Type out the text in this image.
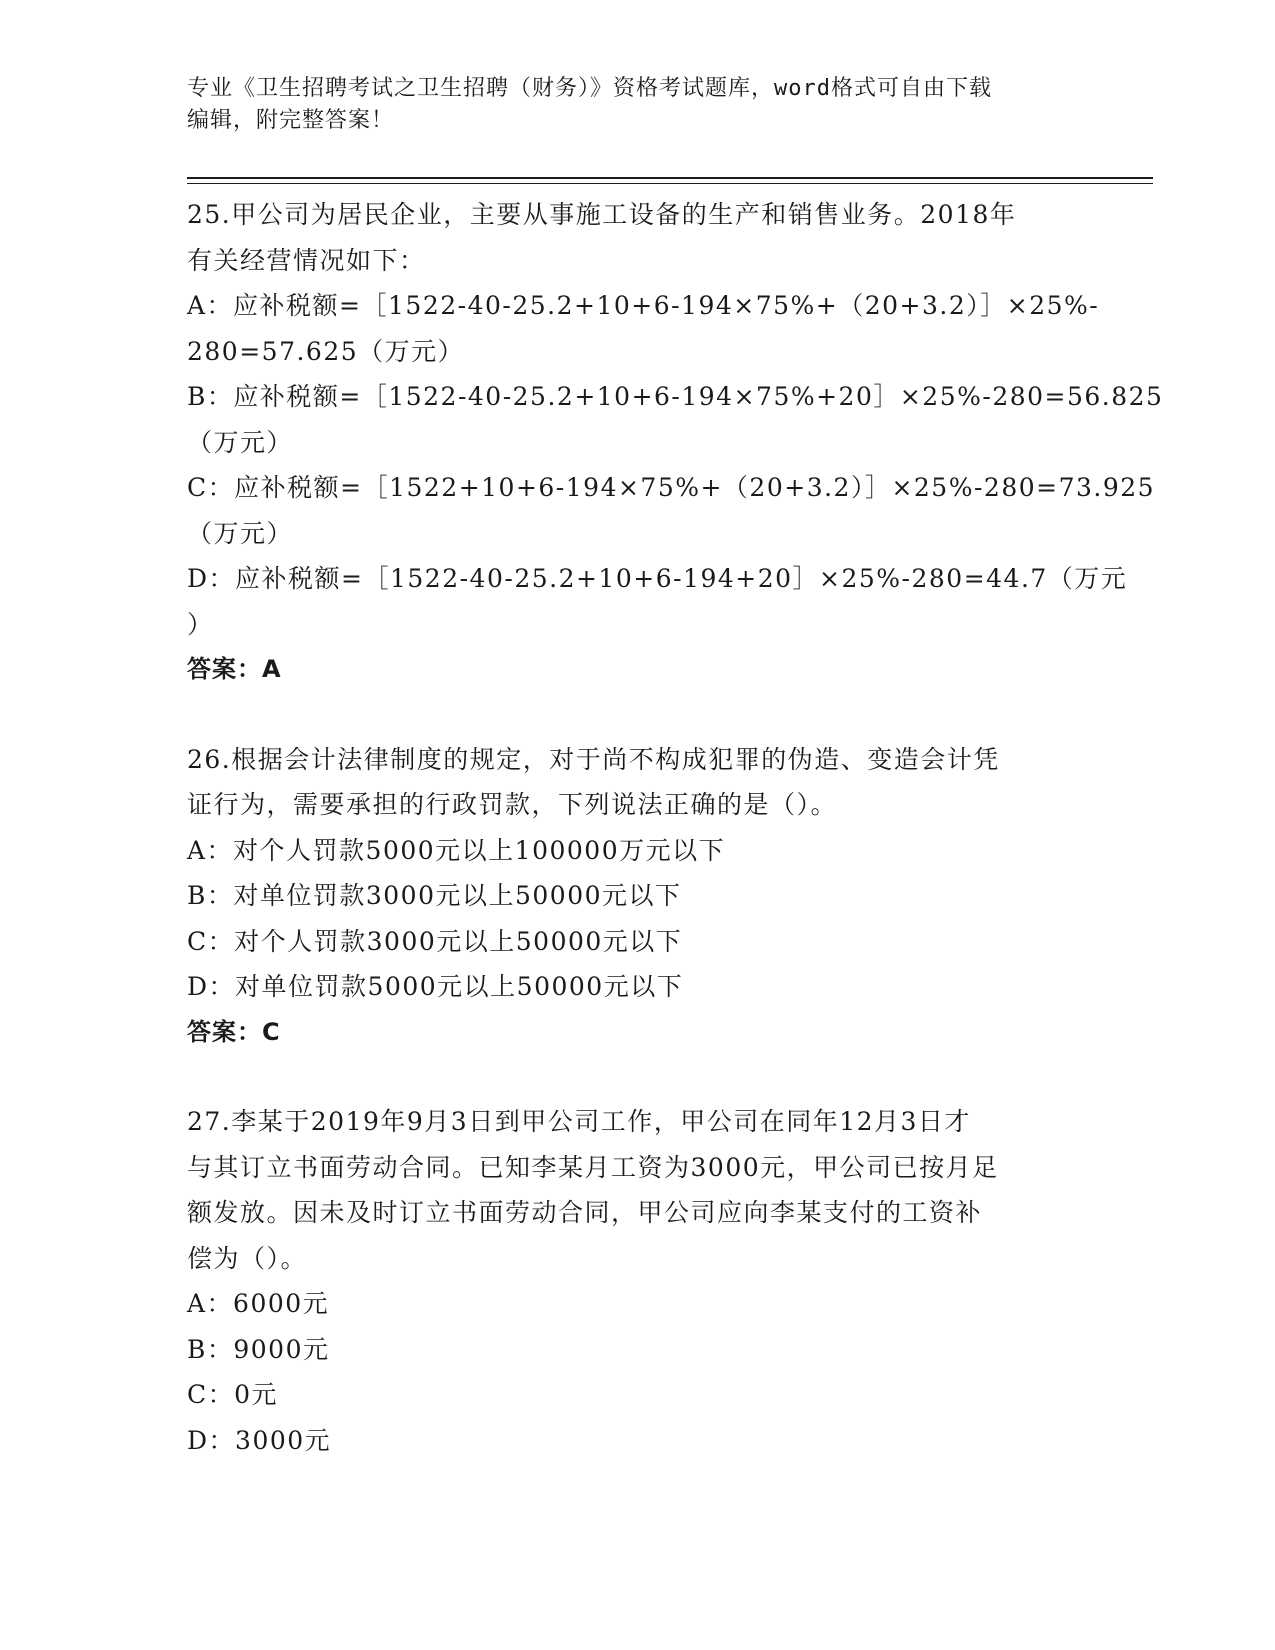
专业《卫生招聘考试之卫生招聘（财务）》资格考试题库，word格式可自由下载
编辑，附完整答案！
25.甲公司为居民企业，主要从事施工设备的生产和销售业务。2018年
有关经营情况如下：
A：应补税额=［1522-40-25.2+10+6-194×75%+（20+3.2）］×25%-
280=57.625（万元）
B：应补税额=［1522-40-25.2+10+6-194×75%+20］×25%-280=56.825
（万元）
C：应补税额=［1522+10+6-194×75%+（20+3.2）］×25%-280=73.925
（万元）
D：应补税额=［1522-40-25.2+10+6-194+20］×25%-280=44.7（万元
）
答案：A
26.根据会计法律制度的规定，对于尚不构成犯罪的伪造、变造会计凭
证行为，需要承担的行政罚款，下列说法正确的是（）。
A：对个人罚款5000元以上100000万元以下
B：对单位罚款3000元以上50000元以下
C：对个人罚款3000元以上50000元以下
D：对单位罚款5000元以上50000元以下
答案：C
27.李某于2019年9月3日到甲公司工作，甲公司在同年12月3日才
与其订立书面劳动合同。已知李某月工资为3000元，甲公司已按月足
额发放。因未及时订立书面劳动合同，甲公司应向李某支付的工资补
偿为（）。
A：6000元
B：9000元
C：0元
D：3000元
